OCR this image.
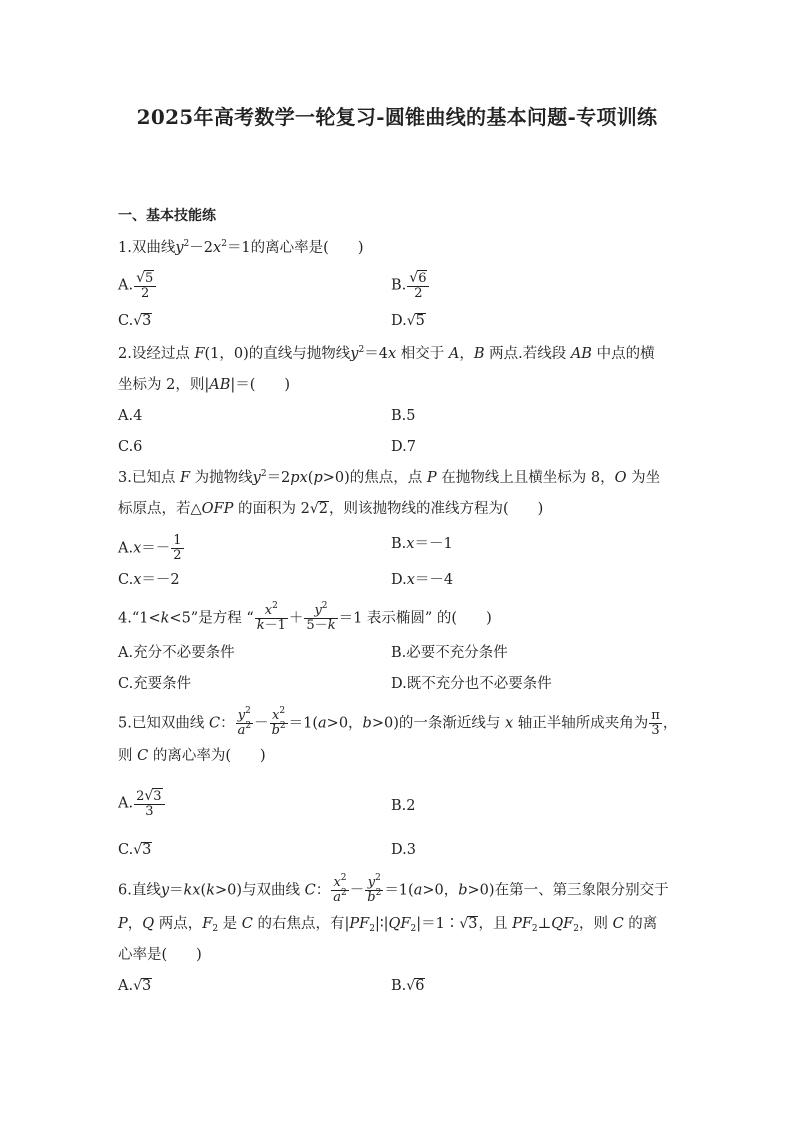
2025年高考数学一轮复习-圆锥曲线的基本问题-专项训练
一、基本技能练
1.双曲线$y^2-2x^2=1$的离心率是(　　)
A. $\frac{√5}{2}$	B. $\frac{√6}{2}$
C.√3	D.√5
2.设经过点 F(1，0)的直线与抛物线$y^2=4x$ 相交于 A，B 两点.若线段 AB 中点的横
坐标为 2，则|AB|＝(　　)
A.4	B.5
C.6	D.7
3.已知点 F 为抛物线$y^2=2px(p>0)$的焦点，点 P 在抛物线上且横坐标为 8，O 为坐
标原点，若△OFP 的面积为 2√2，则该抛物线的准线方程为(　　)
$A.x=- \frac{1}{2}$	B.x＝－1
C.x＝－2	D.x＝－4
4.“1<k<5”是方程 “ $\frac{x^2}{k-1} + \frac{y^2}{5-k} =1$ 表示椭圆” 的(　　)
A.充分不必要条件	B.必要不充分条件
C.充要条件	D.既不充分也不必要条件
5.已知双曲线 C： $\frac{y^2}{a^2} - \frac{x^2}{b^2} =1(a>0$，b>0)的一条渐近线与 x 轴正半轴所成夹角为 $\frac{\pi}{3}$ ，
则 C 的离心率为(　　)
A. $\frac{2√3}{3}$	B.2
C.√3	D.3
6.直线y＝kx(k>0)与双曲线 C： $\frac{x^2}{a^2} - \frac{y^2}{b^2} =1(a>0$，b>0)在第一、第三象限分别交于
P，Q 两点，$F_2$ 是 C 的右焦点，有$|PF_2|∶|QF_2|=1∶√3$，且 $PF_2\perp QF_2$，则 C 的离
心率是(　　)
A.√3	B.√6
